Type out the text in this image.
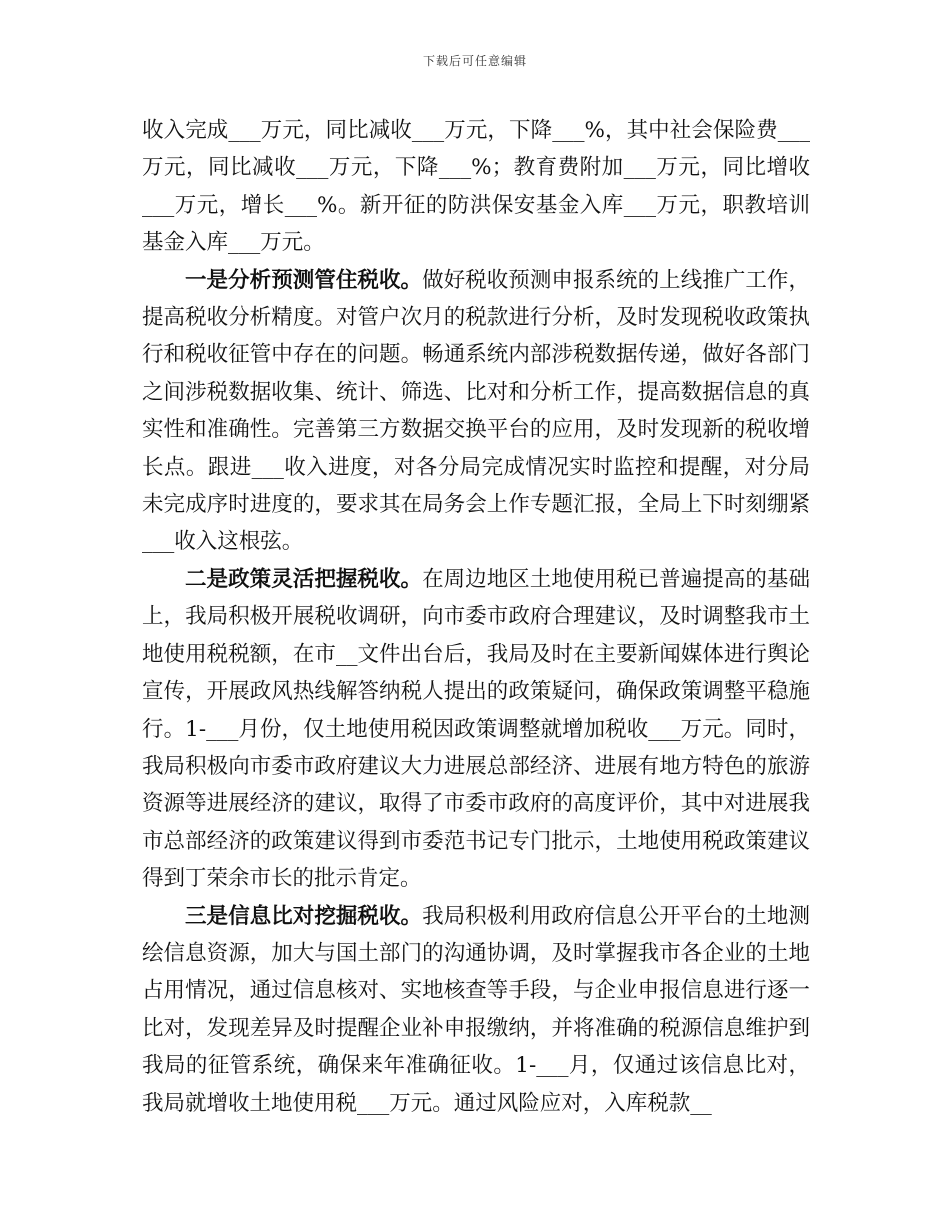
下载后可任意编辑

收入完成___万元，同比减收___万元，下降___%，其中社会保险费___万元，同比减收___万元，下降___%；教育费附加___万元，同比增收___万元，增长___%。新开征的防洪保安基金入库___万元，职教培训基金入库___万元。

一是分析预测管住税收。做好税收预测申报系统的上线推广工作，提高税收分析精度。对管户次月的税款进行分析，及时发现税收政策执行和税收征管中存在的问题。畅通系统内部涉税数据传递，做好各部门之间涉税数据收集、统计、筛选、比对和分析工作，提高数据信息的真实性和准确性。完善第三方数据交换平台的应用，及时发现新的税收增长点。跟进___收入进度，对各分局完成情况实时监控和提醒，对分局未完成序时进度的，要求其在局务会上作专题汇报，全局上下时刻绷紧___收入这根弦。

二是政策灵活把握税收。在周边地区土地使用税已普遍提高的基础上，我局积极开展税收调研，向市委市政府合理建议，及时调整我市土地使用税税额，在市__文件出台后，我局及时在主要新闻媒体进行舆论宣传，开展政风热线解答纳税人提出的政策疑问，确保政策调整平稳施行。1-___月份，仅土地使用税因政策调整就增加税收___万元。同时，我局积极向市委市政府建议大力进展总部经济、进展有地方特色的旅游资源等进展经济的建议，取得了市委市政府的高度评价，其中对进展我市总部经济的政策建议得到市委范书记专门批示，土地使用税政策建议得到丁荣余市长的批示肯定。

三是信息比对挖掘税收。我局积极利用政府信息公开平台的土地测绘信息资源，加大与国土部门的沟通协调，及时掌握我市各企业的土地占用情况，通过信息核对、实地核查等手段，与企业申报信息进行逐一比对，发现差异及时提醒企业补申报缴纳，并将准确的税源信息维护到我局的征管系统，确保来年准确征收。1-___月，仅通过该信息比对，我局就增收土地使用税___万元。通过风险应对，入库税款__
